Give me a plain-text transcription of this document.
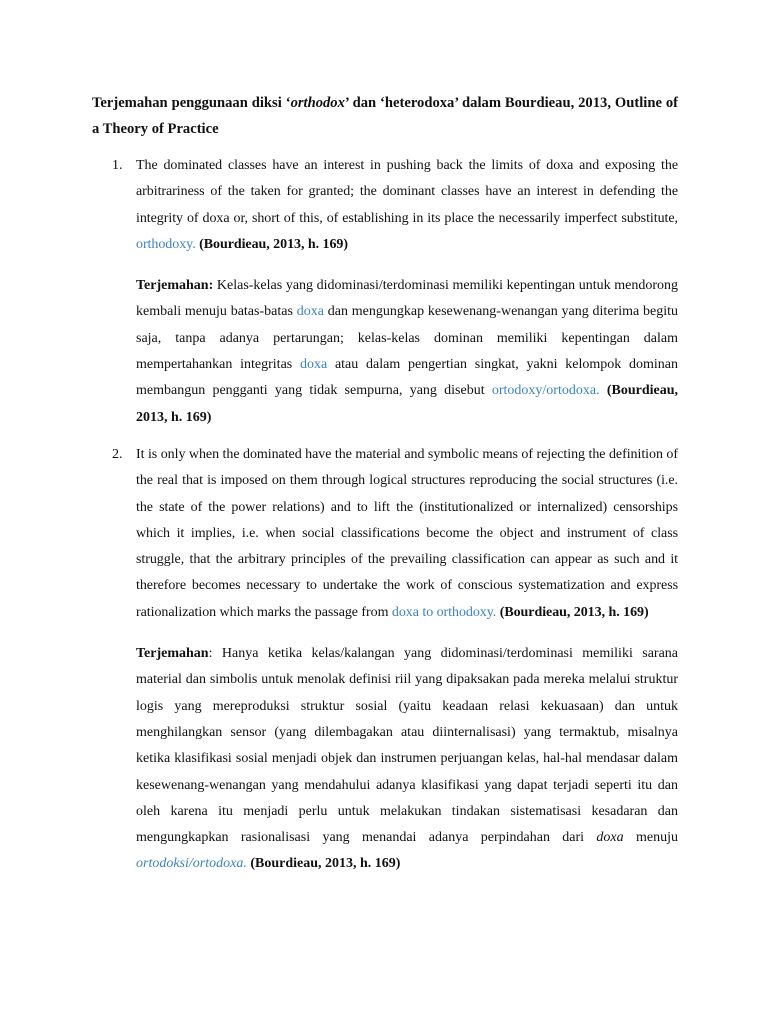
Terjemahan penggunaan diksi ‘orthodox’ dan ‘heterodoxa’ dalam Bourdieau, 2013, Outline of a Theory of Practice

1. The dominated classes have an interest in pushing back the limits of doxa and exposing the arbitrariness of the taken for granted; the dominant classes have an interest in defending the integrity of doxa or, short of this, of establishing in its place the necessarily imperfect substitute, orthodoxy. (Bourdieau, 2013, h. 169)

Terjemahan: Kelas-kelas yang didominasi/terdominasi memiliki kepentingan untuk mendorong kembali menuju batas-batas doxa dan mengungkap kesewenang-wenangan yang diterima begitu saja, tanpa adanya pertarungan; kelas-kelas dominan memiliki kepentingan dalam mempertahankan integritas doxa atau dalam pengertian singkat, yakni kelompok dominan membangun pengganti yang tidak sempurna, yang disebut ortodoxy/ortodoxa. (Bourdieau, 2013, h. 169)

2. It is only when the dominated have the material and symbolic means of rejecting the definition of the real that is imposed on them through logical structures reproducing the social structures (i.e. the state of the power relations) and to lift the (institutionalized or internalized) censorships which it implies, i.e. when social classifications become the object and instrument of class struggle, that the arbitrary principles of the prevailing classification can appear as such and it therefore becomes necessary to undertake the work of conscious systematization and express rationalization which marks the passage from doxa to orthodoxy. (Bourdieau, 2013, h. 169)

Terjemahan: Hanya ketika kelas/kalangan yang didominasi/terdominasi memiliki sarana material dan simbolis untuk menolak definisi riil yang dipaksakan pada mereka melalui struktur logis yang mereproduksi struktur sosial (yaitu keadaan relasi kekuasaan) dan untuk menghilangkan sensor (yang dilembagakan atau diinternalisasi) yang termaktub, misalnya ketika klasifikasi sosial menjadi objek dan instrumen perjuangan kelas, hal-hal mendasar dalam kesewenang-wenangan yang mendahului adanya klasifikasi yang dapat terjadi seperti itu dan oleh karena itu menjadi perlu untuk melakukan tindakan sistematisasi kesadaran dan mengungkapkan rasionalisasi yang menandai adanya perpindahan dari doxa menuju ortodoksi/ortodoxa. (Bourdieau, 2013, h. 169)
